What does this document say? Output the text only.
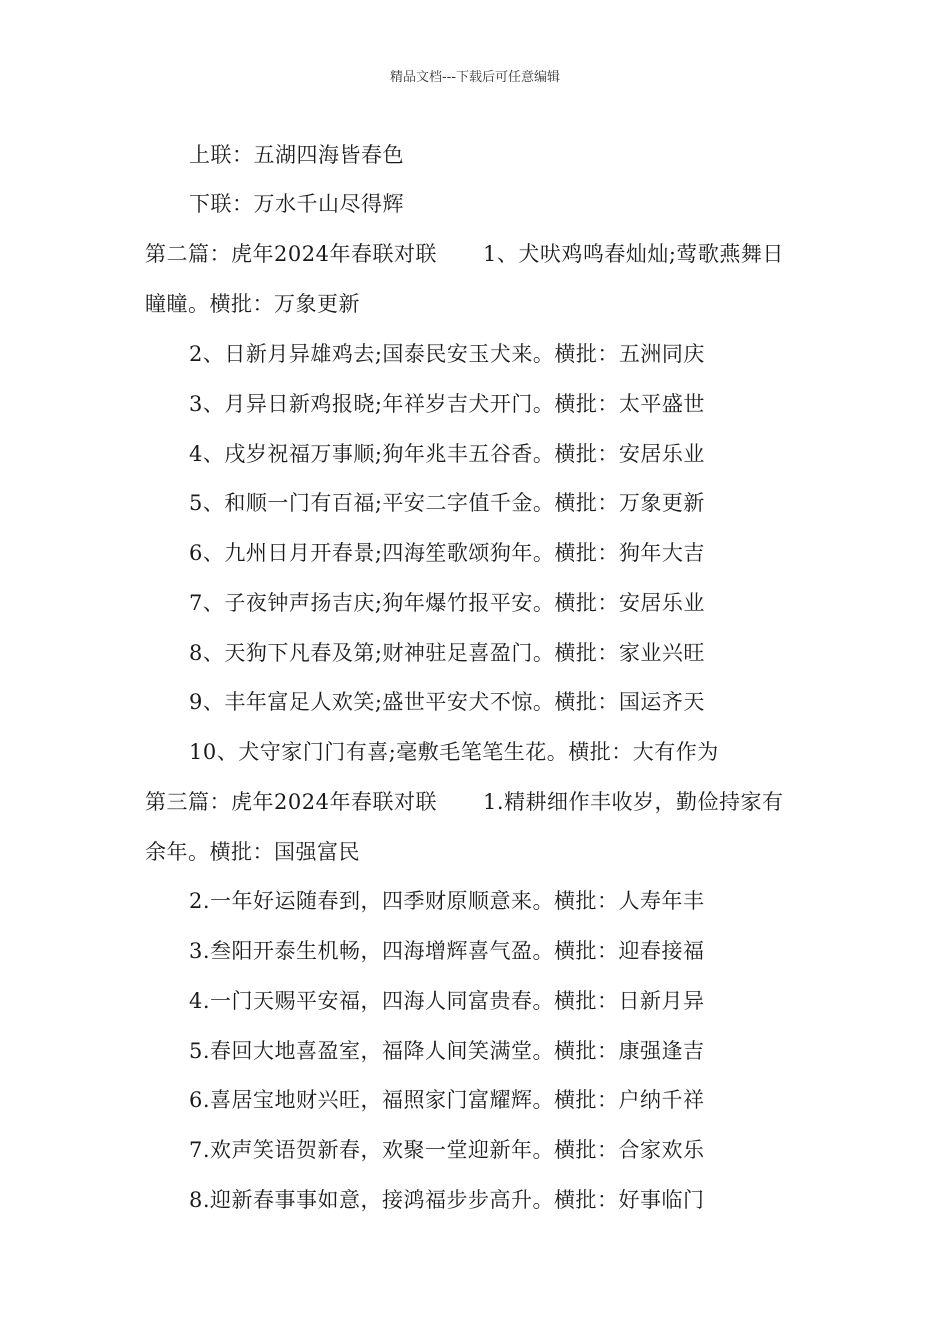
精品文档---下载后可任意编辑
上联：五湖四海皆春色
下联：万水千山尽得辉
第二篇：虎年2024年春联对联 1、犬吠鸡鸣春灿灿;莺歌燕舞日
瞳瞳。横批：万象更新
2、日新月异雄鸡去;国泰民安玉犬来。横批：五洲同庆
3、月异日新鸡报晓;年祥岁吉犬开门。横批：太平盛世
4、戌岁祝福万事顺;狗年兆丰五谷香。横批：安居乐业
5、和顺一门有百福;平安二字值千金。横批：万象更新
6、九州日月开春景;四海笙歌颂狗年。横批：狗年大吉
7、子夜钟声扬吉庆;狗年爆竹报平安。横批：安居乐业
8、天狗下凡春及第;财神驻足喜盈门。横批：家业兴旺
9、丰年富足人欢笑;盛世平安犬不惊。横批：国运齐天
10、犬守家门门有喜;毫敷毛笔笔生花。横批：大有作为
第三篇：虎年2024年春联对联 1.精耕细作丰收岁，勤俭持家有
余年。横批：国强富民
2.一年好运随春到，四季财原顺意来。横批：人寿年丰
3.叁阳开泰生机畅，四海增辉喜气盈。横批：迎春接福
4.一门天赐平安福，四海人同富贵春。横批：日新月异
5.春回大地喜盈室，福降人间笑满堂。横批：康强逢吉
6.喜居宝地财兴旺，福照家门富耀辉。横批：户纳千祥
7.欢声笑语贺新春，欢聚一堂迎新年。横批：合家欢乐
8.迎新春事事如意，接鸿福步步高升。横批：好事临门
